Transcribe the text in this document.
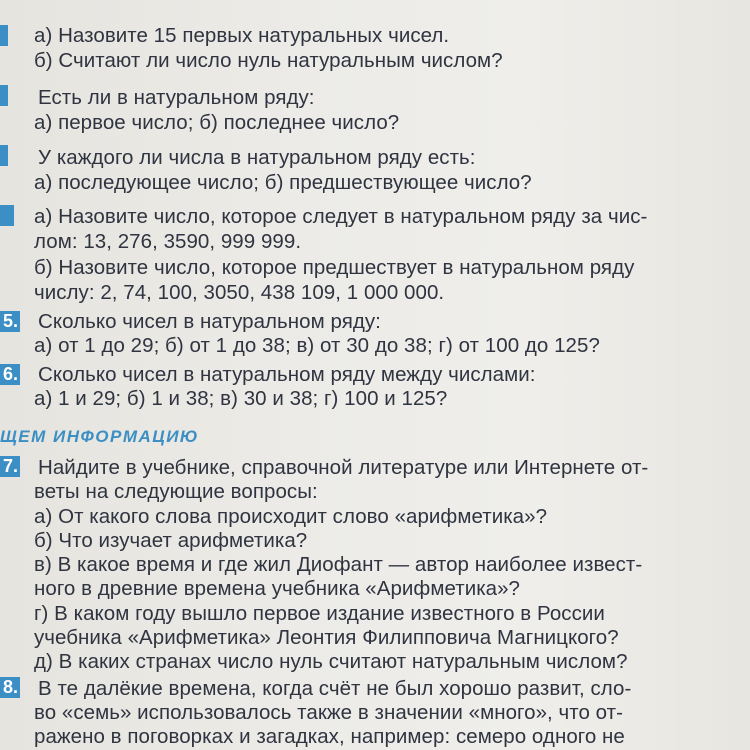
а) Назовите 15 первых натуральных чисел.
б) Считают ли число нуль натуральным числом?
Есть ли в натуральном ряду:
а) первое число; б) последнее число?
У каждого ли числа в натуральном ряду есть:
а) последующее число; б) предшествующее число?
а) Назовите число, которое следует в натуральном ряду за чис-
лом: 13, 276, 3590, 999 999.
б) Назовите число, которое предшествует в натуральном ряду
числу: 2, 74, 100, 3050, 438 109, 1 000 000.
5. Сколько чисел в натуральном ряду:
а) от 1 до 29; б) от 1 до 38; в) от 30 до 38; г) от 100 до 125?
6. Сколько чисел в натуральном ряду между числами:
а) 1 и 29; б) 1 и 38; в) 30 и 38; г) 100 и 125?
ЩЕМ ИНФОРМАЦИЮ
7. Найдите в учебнике, справочной литературе или Интернете от-
веты на следующие вопросы:
а) От какого слова происходит слово «арифметика»?
б) Что изучает арифметика?
в) В какое время и где жил Диофант — автор наиболее извест-
ного в древние времена учебника «Арифметика»?
г) В каком году вышло первое издание известного в России
учебника «Арифметика» Леонтия Филипповича Магницкого?
д) В каких странах число нуль считают натуральным числом?
8. В те далёкие времена, когда счёт не был хорошо развит, сло-
во «семь» использовалось также в значении «много», что от-
ражено в поговорках и загадках, например: семеро одного не
